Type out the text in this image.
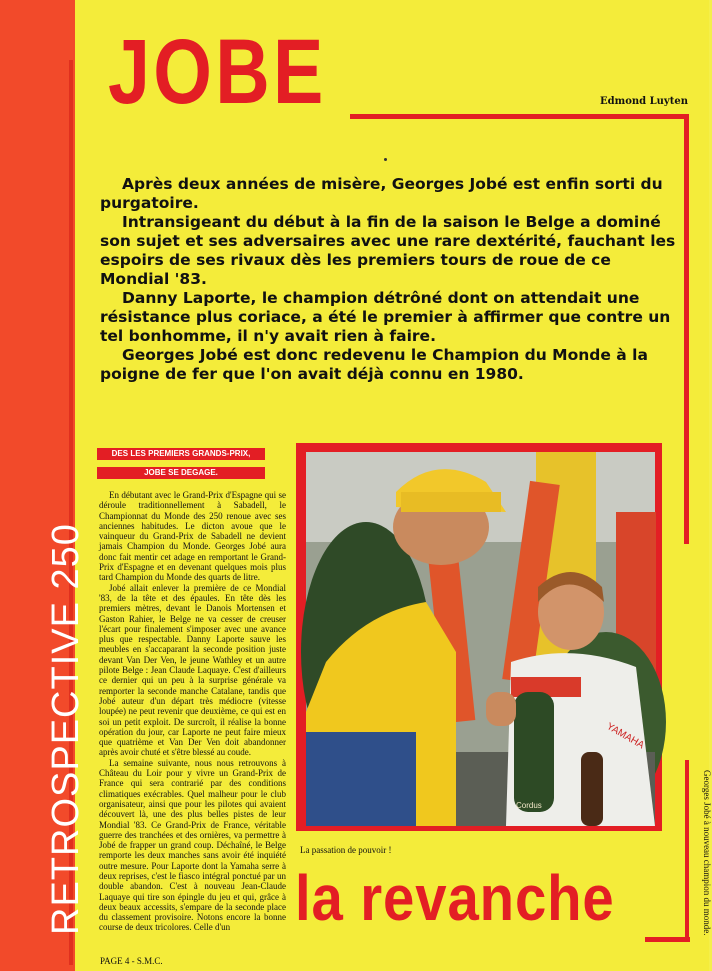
RETROSPECTIVE 250
JOBE	Edmond Luyten

Après deux années de misère, Georges Jobé est enfin sorti du purgatoire.

Intransigeant du début à la fin de la saison le Belge a dominé son sujet et ses adversaires avec une rare dextérité, fauchant les espoirs de ses rivaux dès les premiers tours de roue de ce Mondial '83.

Danny Laporte, le champion détrôné dont on attendait une résistance plus coriace, a été le premier à affirmer que contre un tel bonhomme, il n'y avait rien à faire.

Georges Jobé est donc redevenu le Champion du Monde à la poigne de fer que l'on avait déjà connu en 1980.

DES LES PREMIERS GRANDS-PRIX,
JOBE SE DEGAGE.

En débutant avec le Grand-Prix d'Espagne qui se déroule traditionnellement à Sabadell, le Championnat du Monde des 250 renoue avec ses anciennes habitudes. Le dicton avoue que le vainqueur du Grand-Prix de Sabadell ne devient jamais Champion du Monde. Georges Jobé aura donc fait mentir cet adage en remportant le Grand-Prix d'Espagne et en devenant quelques mois plus tard Champion du Monde des quarts de litre.

Jobé allait enlever la première de ce Mondial '83, de la tête et des épaules. En tête dès les premiers mètres, devant le Danois Mortensen et Gaston Rahier, le Belge ne va cesser de creuser l'écart pour finalement s'imposer avec une avance plus que respectable. Danny Laporte sauve les meubles en s'accaparant la seconde position juste devant Van Der Ven, le jeune Wathley et un autre pilote Belge : Jean Claude Laquaye. C'est d'ailleurs ce dernier qui un peu à la surprise générale va remporter la seconde manche Catalane, tandis que Jobé auteur d'un départ très médiocre (vitesse loupée) ne peut revenir que deuxième, ce qui est en soi un petit exploit. De surcroît, il réalise la bonne opération du jour, car Laporte ne peut faire mieux que quatrième et Van Der Ven doit abandonner après avoir chuté et s'être blessé au coude.

La semaine suivante, nous nous retrouvons à Château du Loir pour y vivre un Grand-Prix de France qui sera contrarié par des conditions climatiques exécrables. Quel malheur pour le club organisateur, ainsi que pour les pilotes qui avaient découvert là, une des plus belles pistes de leur Mondial '83. Ce Grand-Prix de France, véritable guerre des tranchées et des ornières, va permettre à Jobé de frapper un grand coup. Déchaîné, le Belge remporte les deux manches sans avoir été inquiété outre mesure. Pour Laporte dont la Yamaha serre à deux reprises, c'est le fiasco intégral ponctué par un double abandon. C'est à nouveau Jean-Claude Laquaye qui tire son épingle du jeu et qui, grâce à deux beaux accessits, s'empare de la seconde place du classement provisoire. Notons encore la bonne course de deux tricolores. Celle d'un

PAGE 4 - S.M.C.
YAMAHA
Cordus
La passation de pouvoir !	Georges Jobé à nouveau champion du monde.
la revanche
